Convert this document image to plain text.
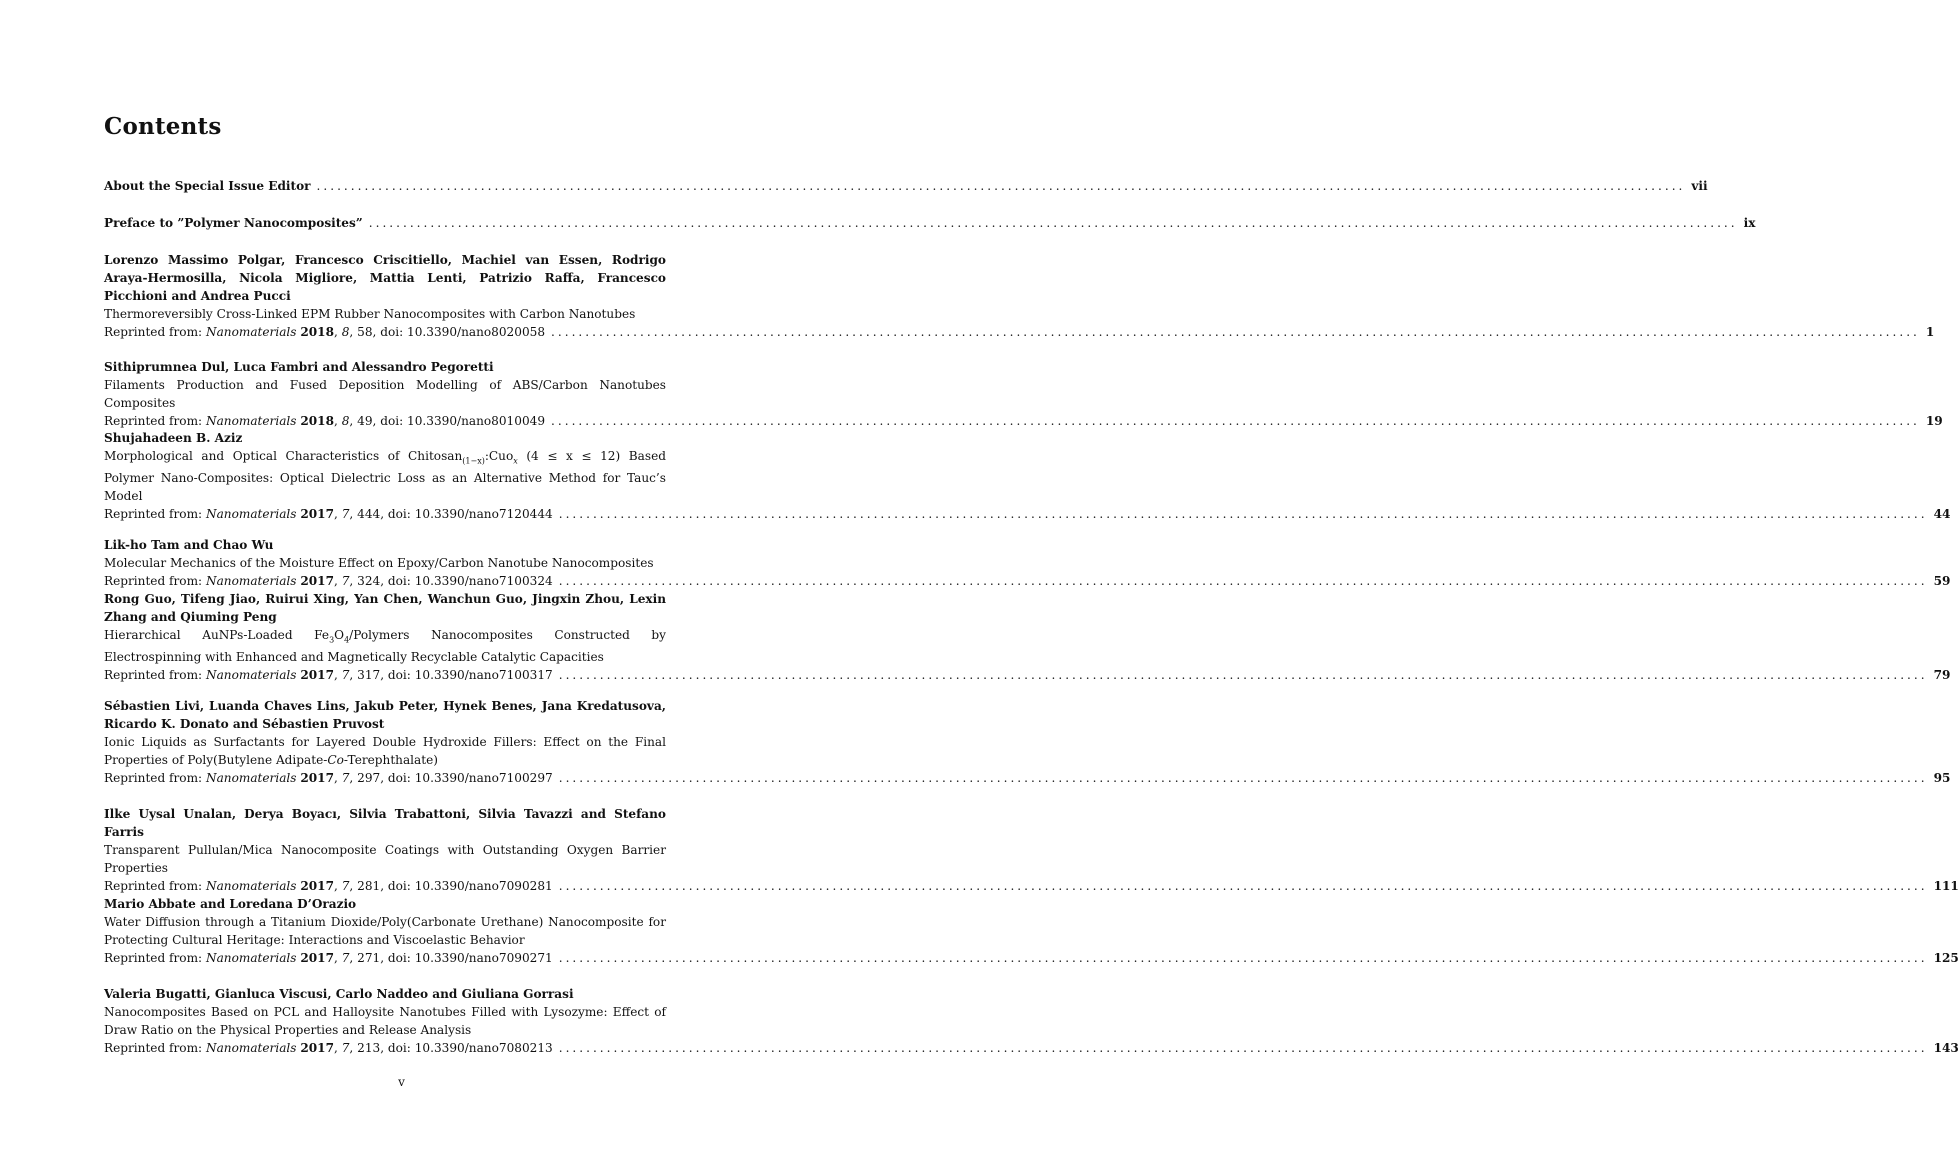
Contents
About the Special Issue Editor ........................................................................................................................................................................................................ vii
Preface to ”Polymer Nanocomposites” ........................................................................................................................................................................................................ ix
Lorenzo Massimo Polgar, Francesco Criscitiello, Machiel van Essen, Rodrigo Araya-Hermosilla, Nicola Migliore, Mattia Lenti, Patrizio Raffa, Francesco Picchioni and Andrea Pucci
Thermoreversibly Cross-Linked EPM Rubber Nanocomposites with Carbon Nanotubes
Reprinted from: Nanomaterials 2018, 8, 58, doi: 10.3390/nano8020058 ........................................................................................................................................................................................................ 1
Sithiprumnea Dul, Luca Fambri and Alessandro Pegoretti
Filaments Production and Fused Deposition Modelling of ABS/Carbon Nanotubes Composites
Reprinted from: Nanomaterials 2018, 8, 49, doi: 10.3390/nano8010049 ........................................................................................................................................................................................................ 19
Shujahadeen B. Aziz
Morphological and Optical Characteristics of Chitosan$_{(1-x)}$:Cuo$_x$ (4 ≤ x ≤ 12) Based Polymer Nano-Composites: Optical Dielectric Loss as an Alternative Method for Tauc’s Model
Reprinted from: Nanomaterials 2017, 7, 444, doi: 10.3390/nano7120444 ........................................................................................................................................................................................................ 44
Lik-ho Tam and Chao Wu
Molecular Mechanics of the Moisture Effect on Epoxy/Carbon Nanotube Nanocomposites
Reprinted from: Nanomaterials 2017, 7, 324, doi: 10.3390/nano7100324 ........................................................................................................................................................................................................ 59
Rong Guo, Tifeng Jiao, Ruirui Xing, Yan Chen, Wanchun Guo, Jingxin Zhou, Lexin Zhang and Qiuming Peng
Hierarchical AuNPs-Loaded $Fe_3O_4$/Polymers Nanocomposites Constructed by Electrospinning with Enhanced and Magnetically Recyclable Catalytic Capacities
Reprinted from: Nanomaterials 2017, 7, 317, doi: 10.3390/nano7100317 ........................................................................................................................................................................................................ 79
Sébastien Livi, Luanda Chaves Lins, Jakub Peter, Hynek Benes, Jana Kredatusova, Ricardo K. Donato and Sébastien Pruvost
Ionic Liquids as Surfactants for Layered Double Hydroxide Fillers: Effect on the Final Properties of Poly(Butylene Adipate-Co-Terephthalate)
Reprinted from: Nanomaterials 2017, 7, 297, doi: 10.3390/nano7100297 ........................................................................................................................................................................................................ 95
Ilke Uysal Unalan, Derya Boyacı, Silvia Trabattoni, Silvia Tavazzi and Stefano Farris
Transparent Pullulan/Mica Nanocomposite Coatings with Outstanding Oxygen Barrier Properties
Reprinted from: Nanomaterials 2017, 7, 281, doi: 10.3390/nano7090281 ........................................................................................................................................................................................................ 111
Mario Abbate and Loredana D’Orazio
Water Diffusion through a Titanium Dioxide/Poly(Carbonate Urethane) Nanocomposite for Protecting Cultural Heritage: Interactions and Viscoelastic Behavior
Reprinted from: Nanomaterials 2017, 7, 271, doi: 10.3390/nano7090271 ........................................................................................................................................................................................................ 125
Valeria Bugatti, Gianluca Viscusi, Carlo Naddeo and Giuliana Gorrasi
Nanocomposites Based on PCL and Halloysite Nanotubes Filled with Lysozyme: Effect of Draw Ratio on the Physical Properties and Release Analysis
Reprinted from: Nanomaterials 2017, 7, 213, doi: 10.3390/nano7080213 ........................................................................................................................................................................................................ 143
v
